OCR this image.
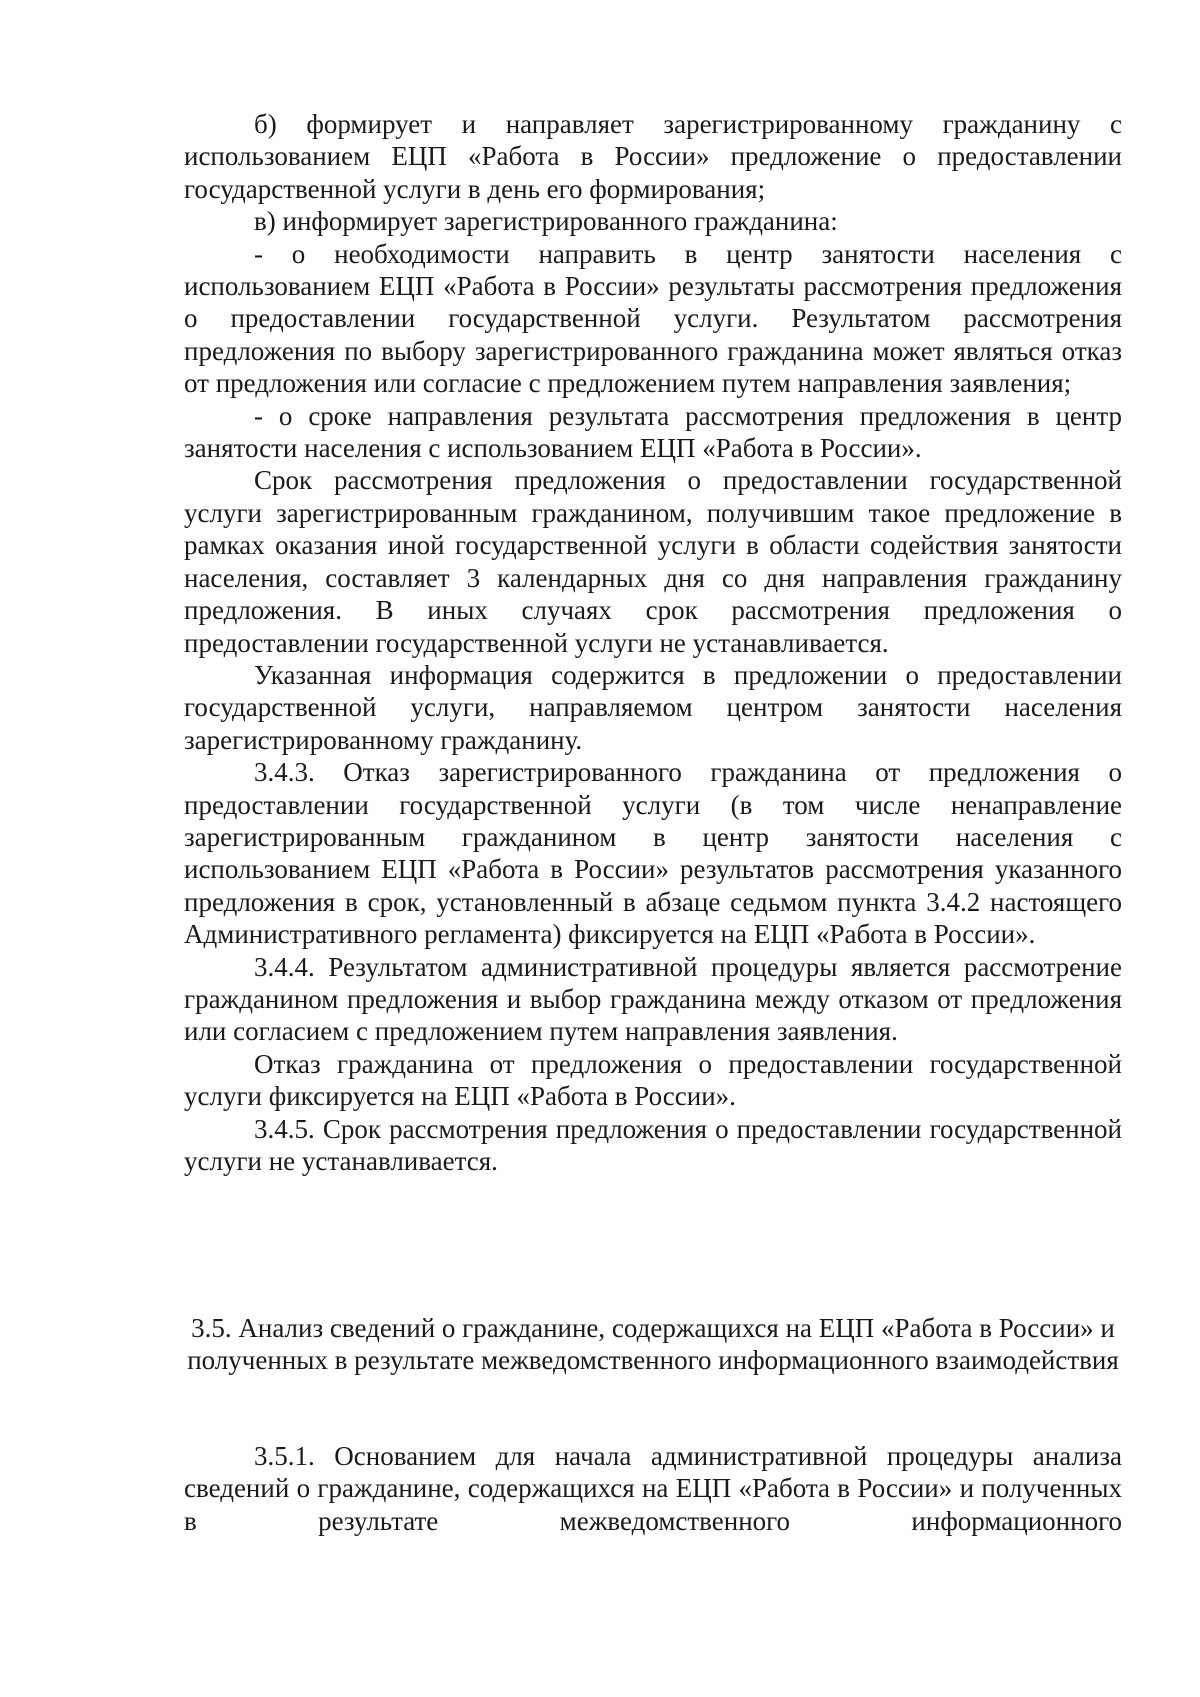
б) формирует и направляет зарегистрированному гражданину с использованием ЕЦП «Работа в России» предложение о предоставлении государственной услуги в день его формирования;

в) информирует зарегистрированного гражданина:

- о необходимости направить в центр занятости населения с использованием ЕЦП «Работа в России» результаты рассмотрения предложения о предоставлении государственной услуги. Результатом рассмотрения предложения по выбору зарегистрированного гражданина может являться отказ от предложения или согласие с предложением путем направления заявления;

- о сроке направления результата рассмотрения предложения в центр занятости населения с использованием ЕЦП «Работа в России».

Срок рассмотрения предложения о предоставлении государственной услуги зарегистрированным гражданином, получившим такое предложение в рамках оказания иной государственной услуги в области содействия занятости населения, составляет 3 календарных дня со дня направления гражданину предложения. В иных случаях срок рассмотрения предложения о предоставлении государственной услуги не устанавливается.

Указанная информация содержится в предложении о предоставлении государственной услуги, направляемом центром занятости населения зарегистрированному гражданину.

3.4.3. Отказ зарегистрированного гражданина от предложения о предоставлении государственной услуги (в том числе ненаправление зарегистрированным гражданином в центр занятости населения с использованием ЕЦП «Работа в России» результатов рассмотрения указанного предложения в срок, установленный в абзаце седьмом пункта 3.4.2 настоящего Административного регламента) фиксируется на ЕЦП «Работа в России».

3.4.4. Результатом административной процедуры является рассмотрение гражданином предложения и выбор гражданина между отказом от предложения или согласием с предложением путем направления заявления.

Отказ гражданина от предложения о предоставлении государственной услуги фиксируется на ЕЦП «Работа в России».

3.4.5. Срок рассмотрения предложения о предоставлении государственной услуги не устанавливается.

3.5. Анализ сведений о гражданине, содержащихся на ЕЦП «Работа в России» и полученных в результате межведомственного информационного взаимодействия

3.5.1. Основанием для начала административной процедуры анализа сведений о гражданине, содержащихся на ЕЦП «Работа в России» и полученных в результате межведомственного информационного
